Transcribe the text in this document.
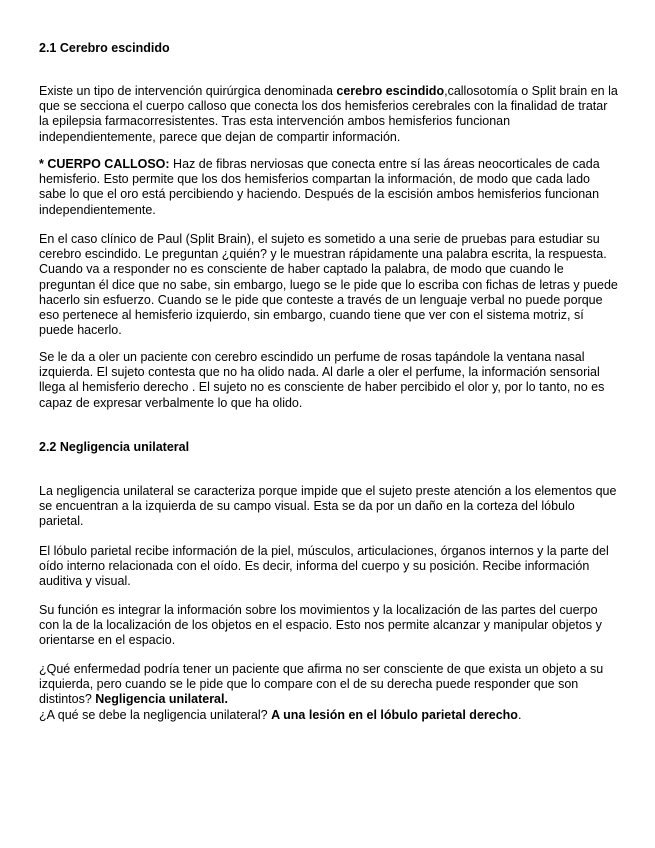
2.1 Cerebro escindido

Existe un tipo de intervención quirúrgica denominada cerebro escindido,callosotomía o Split brain en la que se secciona el cuerpo calloso que conecta los dos hemisferios cerebrales con la finalidad de tratar la epilepsia farmacorresistentes. Tras esta intervención ambos hemisferios funcionan independientemente, parece que dejan de compartir información.

* CUERPO CALLOSO: Haz de fibras nerviosas que conecta entre sí las áreas neocorticales de cada hemisferio. Esto permite que los dos hemisferios compartan la información, de modo que cada lado sabe lo que el oro está percibiendo y haciendo. Después de la escisión ambos hemisferios funcionan independientemente.

En el caso clínico de Paul (Split Brain), el sujeto es sometido a una serie de pruebas para estudiar su cerebro escindido. Le preguntan ¿quién? y le muestran rápidamente una palabra escrita, la respuesta. Cuando va a responder no es consciente de haber captado la palabra, de modo que cuando le preguntan él dice que no sabe, sin embargo, luego se le pide que lo escriba con fichas de letras y puede hacerlo sin esfuerzo. Cuando se le pide que conteste a través de un lenguaje verbal no puede porque eso pertenece al hemisferio izquierdo, sin embargo, cuando tiene que ver con el sistema motriz, sí puede hacerlo.

Se le da a oler un paciente con cerebro escindido un perfume de rosas tapándole la ventana nasal izquierda. El sujeto contesta que no ha olido nada. Al darle a oler el perfume, la información sensorial llega al hemisferio derecho . El sujeto no es consciente de haber percibido el olor y, por lo tanto, no es capaz de expresar verbalmente lo que ha olido.

2.2 Negligencia unilateral

La negligencia unilateral se caracteriza porque impide que el sujeto preste atención a los elementos que se encuentran a la izquierda de su campo visual. Esta se da por un daño en la corteza del lóbulo parietal.

El lóbulo parietal recibe información de la piel, músculos, articulaciones, órganos internos y la parte del oído interno relacionada con el oído. Es decir, informa del cuerpo y su posición. Recibe información auditiva y visual.

Su función es integrar la información sobre los movimientos y la localización de las partes del cuerpo con la de la localización de los objetos en el espacio. Esto nos permite alcanzar y manipular objetos y orientarse en el espacio.

¿Qué enfermedad podría tener un paciente que afirma no ser consciente de que exista un objeto a su izquierda, pero cuando se le pide que lo compare con el de su derecha puede responder que son distintos? Negligencia unilateral.
¿A qué se debe la negligencia unilateral? A una lesión en el lóbulo parietal derecho.
